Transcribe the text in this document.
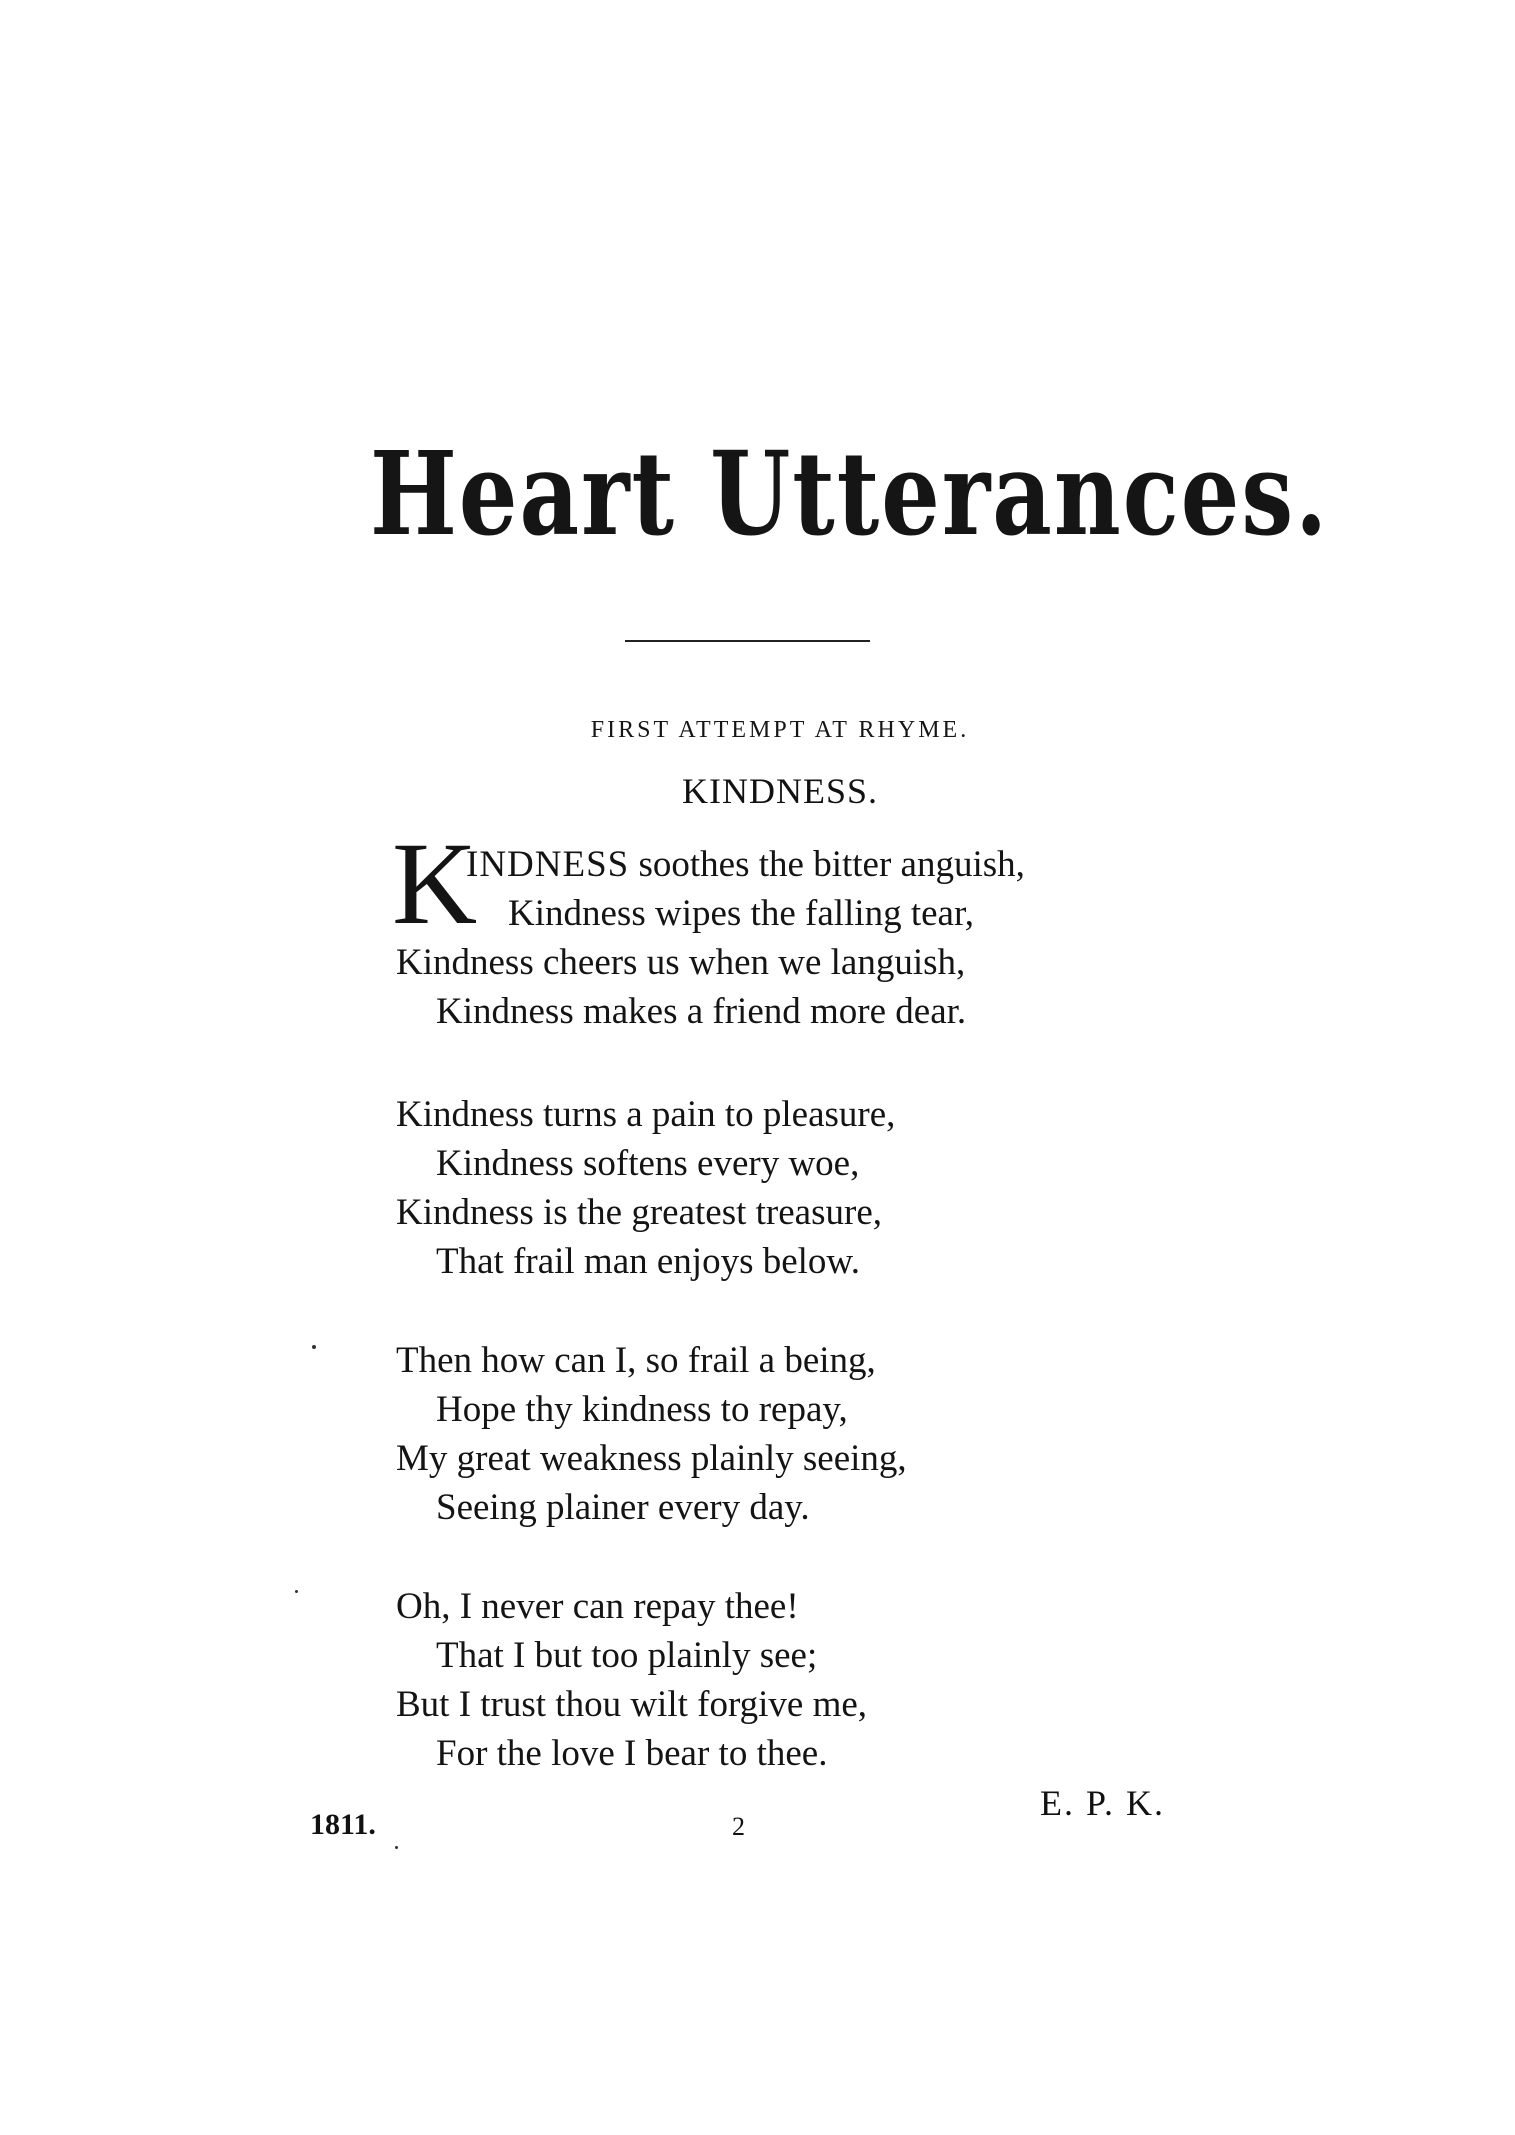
Heart Utterances.
FIRST ATTEMPT AT RHYME.
KINDNESS.
K
INDNESS soothes the bitter anguish,
Kindness wipes the falling tear,
Kindness cheers us when we languish,
Kindness makes a friend more dear.
Kindness turns a pain to pleasure,
Kindness softens every woe,
Kindness is the greatest treasure,
That frail man enjoys below.
Then how can I, so frail a being,
Hope thy kindness to repay,
My great weakness plainly seeing,
Seeing plainer every day.
Oh, I never can repay thee!
That I but too plainly see;
But I trust thou wilt forgive me,
For the love I bear to thee.
E. P. K.
1811.	2
